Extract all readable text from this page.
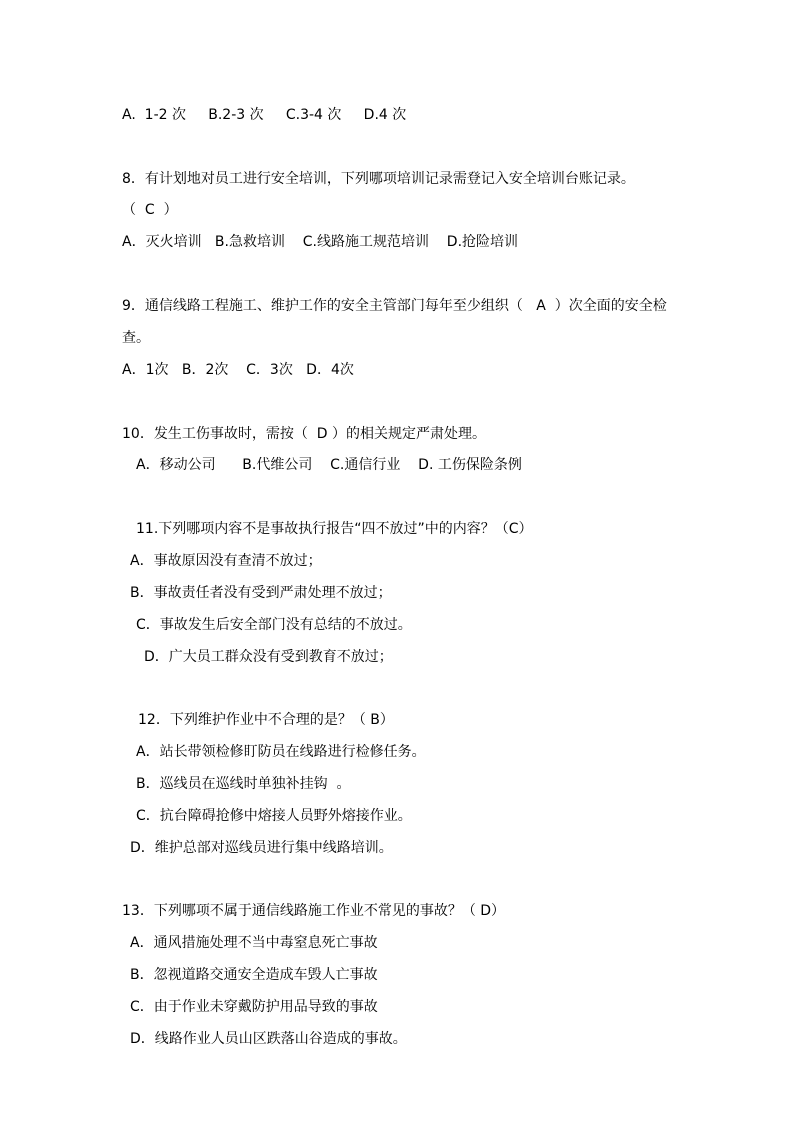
A.  1-2 次     B.2-3 次     C.3-4 次     D.4 次
8．有计划地对员工进行安全培训，下列哪项培训记录需登记入安全培训台账记录。
（  C  ）
A．灭火培训   B.急救培训    C.线路施工规范培训    D.抢险培训
9．通信线路工程施工、维护工作的安全主管部门每年至少组织（   A  ）次全面的安全检
查。
A．1次   B．2次    C．3次   D．4次
10．发生工伤事故时，需按（  D ）的相关规定严肃处理。
A．移动公司      B.代维公司    C.通信行业    D. 工伤保险条例
11.下列哪项内容不是事故执行报告“四不放过”中的内容？（C）
A．事故原因没有查清不放过；
B．事故责任者没有受到严肃处理不放过；
C．事故发生后安全部门没有总结的不放过。
D．广大员工群众没有受到教育不放过；
12．下列维护作业中不合理的是？（ B）
A．站长带领检修盯防员在线路进行检修任务。
B．巡线员在巡线时单独补挂钩  。
C．抗台障碍抢修中熔接人员野外熔接作业。
D．维护总部对巡线员进行集中线路培训。
13．下列哪项不属于通信线路施工作业不常见的事故？（ D）
A．通风措施处理不当中毒窒息死亡事故
B．忽视道路交通安全造成车毁人亡事故
C．由于作业未穿戴防护用品导致的事故
D．线路作业人员山区跌落山谷造成的事故。
